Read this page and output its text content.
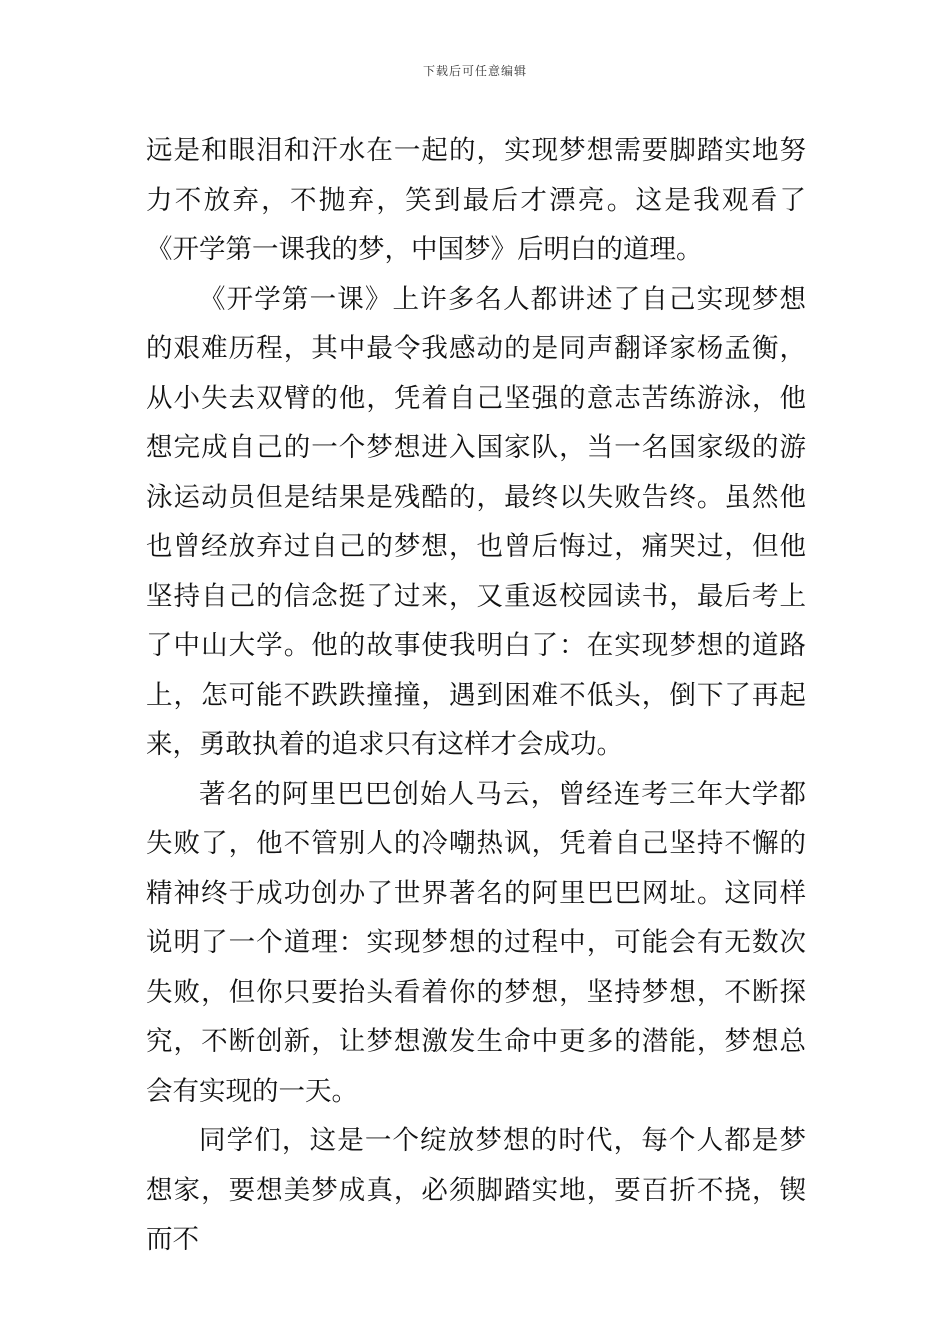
下载后可任意编辑

远是和眼泪和汗水在一起的，实现梦想需要脚踏实地努力不放弃，不抛弃，笑到最后才漂亮。这是我观看了《开学第一课我的梦，中国梦》后明白的道理。

《开学第一课》上许多名人都讲述了自己实现梦想的艰难历程，其中最令我感动的是同声翻译家杨孟衡，从小失去双臂的他，凭着自己坚强的意志苦练游泳，他想完成自己的一个梦想进入国家队，当一名国家级的游泳运动员但是结果是残酷的，最终以失败告终。虽然他也曾经放弃过自己的梦想，也曾后悔过，痛哭过，但他坚持自己的信念挺了过来，又重返校园读书，最后考上了中山大学。他的故事使我明白了：在实现梦想的道路上，怎可能不跌跌撞撞，遇到困难不低头，倒下了再起来，勇敢执着的追求只有这样才会成功。

著名的阿里巴巴创始人马云，曾经连考三年大学都失败了，他不管别人的冷嘲热讽，凭着自己坚持不懈的精神终于成功创办了世界著名的阿里巴巴网址。这同样说明了一个道理：实现梦想的过程中，可能会有无数次失败，但你只要抬头看着你的梦想，坚持梦想，不断探究，不断创新，让梦想激发生命中更多的潜能，梦想总会有实现的一天。

同学们，这是一个绽放梦想的时代，每个人都是梦想家，要想美梦成真，必须脚踏实地，要百折不挠，锲而不
